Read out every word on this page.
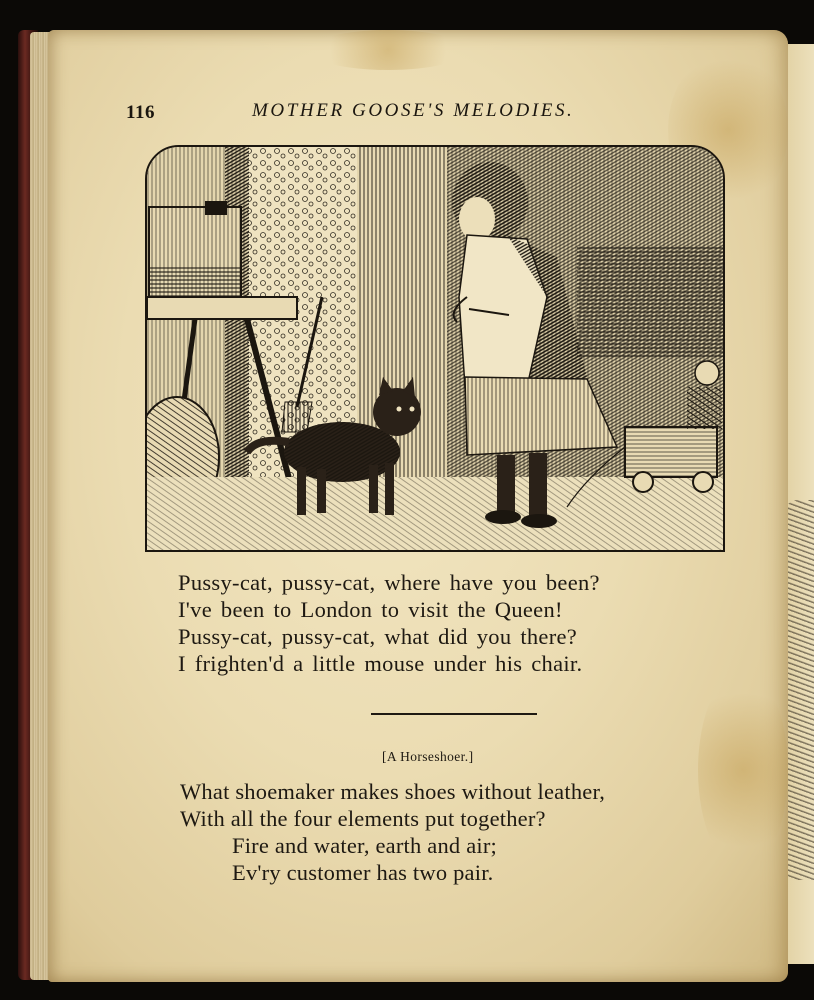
116	MOTHER GOOSE'S MELODIES.
Pussy-cat, pussy-cat, where have you been?
I've been to London to visit the Queen!
Pussy-cat, pussy-cat, what did you there?
I frighten'd a little mouse under his chair.
[A Horseshoer.]
What shoemaker makes shoes without leather,
With all the four elements put together?
Fire and water, earth and air;
Ev'ry customer has two pair.
